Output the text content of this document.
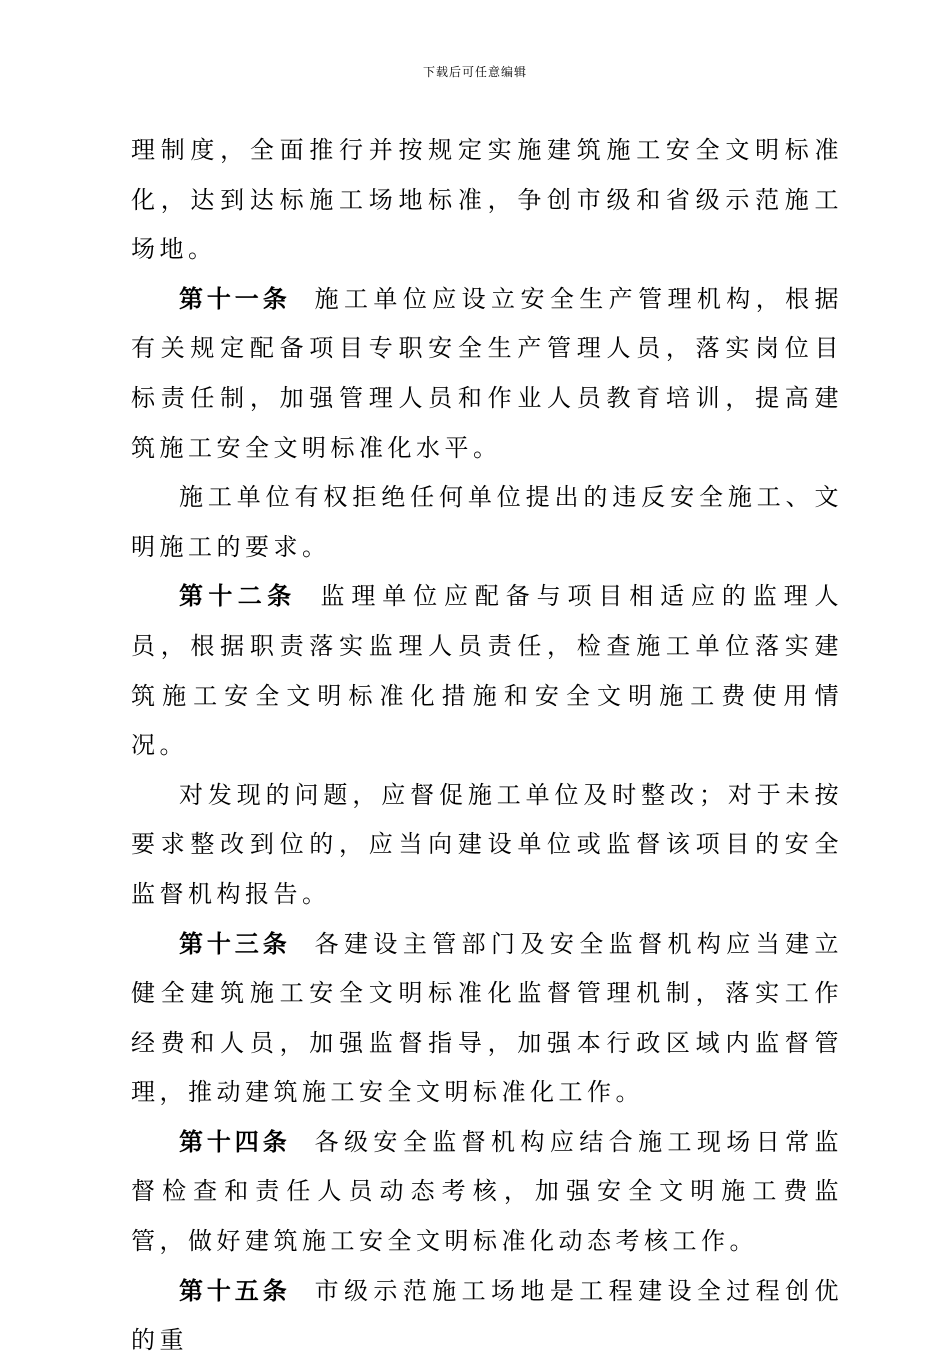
下载后可任意编辑

理制度，全面推行并按规定实施建筑施工安全文明标准化，达到达标施工场地标准，争创市级和省级示范施工场地。

第十一条 施工单位应设立安全生产管理机构，根据有关规定配备项目专职安全生产管理人员，落实岗位目标责任制，加强管理人员和作业人员教育培训，提高建筑施工安全文明标准化水平。

施工单位有权拒绝任何单位提出的违反安全施工、文明施工的要求。

第十二条 监理单位应配备与项目相适应的监理人员，根据职责落实监理人员责任，检查施工单位落实建筑施工安全文明标准化措施和安全文明施工费使用情况。

对发现的问题，应督促施工单位及时整改；对于未按要求整改到位的，应当向建设单位或监督该项目的安全监督机构报告。

第十三条 各建设主管部门及安全监督机构应当建立健全建筑施工安全文明标准化监督管理机制，落实工作经费和人员，加强监督指导，加强本行政区域内监督管理，推动建筑施工安全文明标准化工作。

第十四条 各级安全监督机构应结合施工现场日常监督检查和责任人员动态考核，加强安全文明施工费监管，做好建筑施工安全文明标准化动态考核工作。

第十五条 市级示范施工场地是工程建设全过程创优的重
